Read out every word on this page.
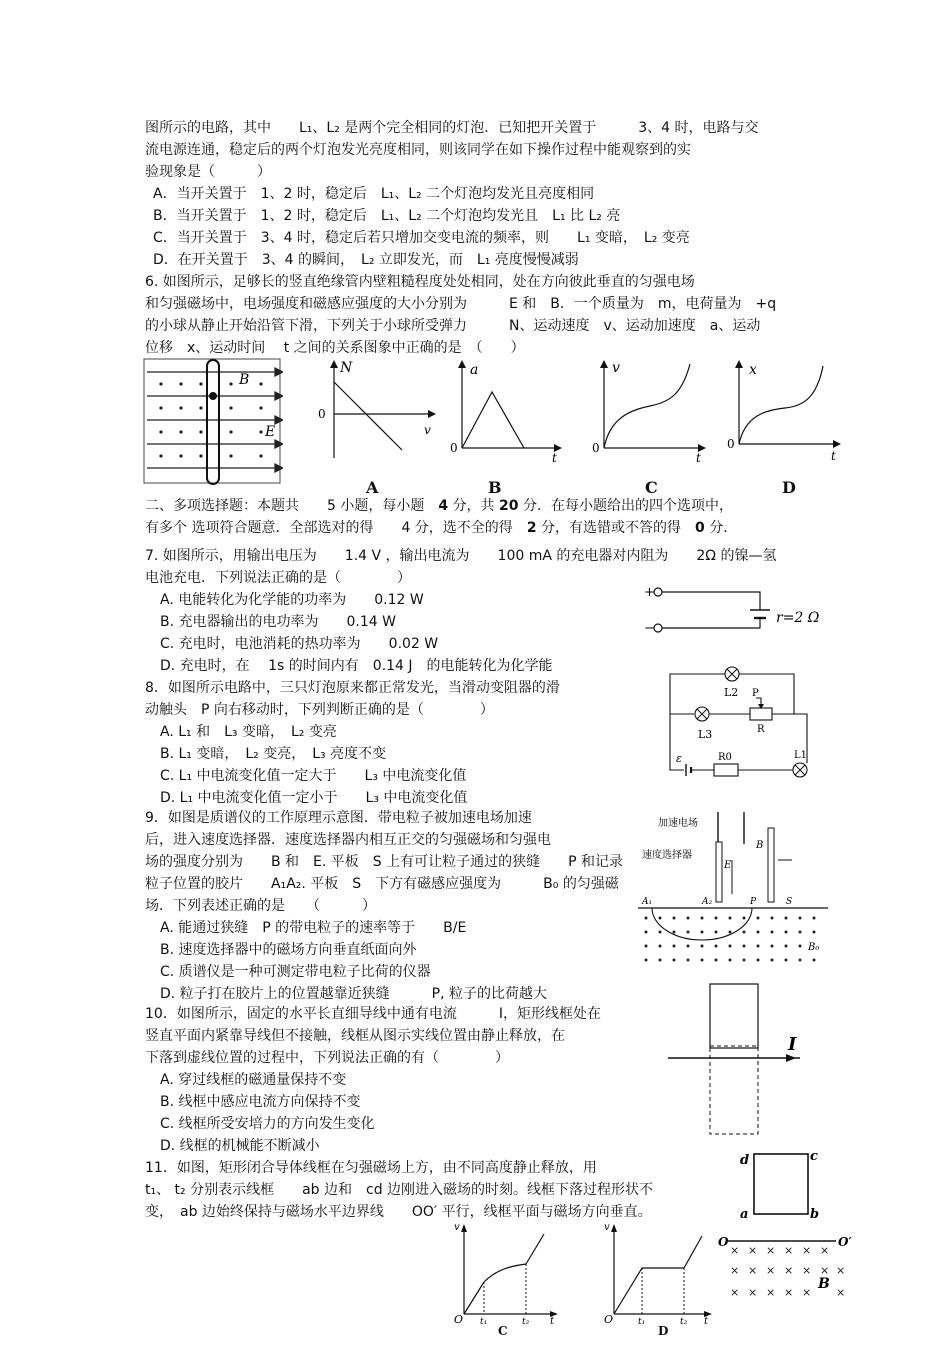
图所示的电路，其中　　L₁、L₂ 是两个完全相同的灯泡．已知把开关置于　　　3、4 时，电路与交
流电源连通，稳定后的两个灯泡发光亮度相同，则该同学在如下操作过程中能观察到的实
验现象是（　　　）
A．当开关置于　1、2 时，稳定后　L₁、L₂ 二个灯泡均发光且亮度相同
B．当开关置于　1、2 时，稳定后　L₁、L₂ 二个灯泡均发光且　L₁ 比 L₂ 亮
C．当开关置于　3、4 时，稳定后若只增加交变电流的频率，则　　L₁ 变暗，　L₂ 变亮
D．在开关置于　3、4 的瞬间，　L₂ 立即发光，而　L₁ 亮度慢慢减弱
6. 如图所示，足够长的竖直绝缘管内壁粗糙程度处处相同，处在方向彼此垂直的匀强电场
和匀强磁场中，电场强度和磁感应强度的大小分别为　　　E 和　B．一个质量为　m，电荷量为　+q
的小球从静止开始沿管下滑，下列关于小球所受弹力　　　N、运动速度　v、运动加速度　a、运动
位移　x、运动时间　 t 之间的关系图象中正确的是　（　　）
B
E
A
N
v
0
a
t
0
B
v
t
0
C
x
t
0
D
二、多项选择题：本题共　　5 小题，每小题　 4 分，共 20 分．在每小题给出的四个选项中，
有多个 选项符合题意．全部选对的得　　4 分，选不全的得　 2 分，有选错或不答的得　 0 分．
7. 如图所示，用输出电压为　　1.4 V ，输出电流为　　100 mA 的充电器对内阻为　　2Ω 的镍—氢
电池充电．下列说法正确的是（　　　　）
A. 电能转化为化学能的功率为　　0.12 W
B. 充电器输出的电功率为　　0.14 W
C. 充电时，电池消耗的热功率为　　0.02 W
D. 充电时，在　 1s 的时间内有　0.14 J　的电能转化为化学能
+
−
r=2 Ω
8．如图所示电路中，三只灯泡原来都正常发光，当滑动变阻器的滑
动触头　P 向右移动时，下列判断正确的是（　　　　）
A. L₁ 和　L₃ 变暗，　L₂ 变亮
B. L₁ 变暗，　L₂ 变亮，　L₃ 亮度不变
C. L₁ 中电流变化值一定大于　　L₃ 中电流变化值
D. L₁ 中电流变化值一定小于　　L₃ 中电流变化值
L2
L3
P
R
ε	R0	L1
9．如图是质谱仪的工作原理示意图．带电粒子被加速电场加速
后，进入速度选择器．速度选择器内相互正交的匀强磁场和匀强电
场的强度分别为　　B 和　E. 平板　S 上有可让粒子通过的狭缝　　P 和记录
粒子位置的胶片　　A₁A₂. 平板　S　下方有磁感应强度为　　　B₀ 的匀强磁
场．下列表述正确的是　　（　　　）
A. 能通过狭缝　P 的带电粒子的速率等于　　B/E
B. 速度选择器中的磁场方向垂直纸面向外
C. 质谱仪是一种可测定带电粒子比荷的仪器
D. 粒子打在胶片上的位置越靠近狭缝　　　P, 粒子的比荷越大
加速电场
速度选择器
E
B
A₁	A₂	P	S
B₀
10．如图所示，固定的水平长直细导线中通有电流　　　I，矩形线框处在
竖直平面内紧靠导线但不接触，线框从图示实线位置由静止释放，在
下落到虚线位置的过程中，下列说法正确的有（　　　　）
A. 穿过线框的磁通量保持不变
B. 线框中感应电流方向保持不变
C. 线框所受安培力的方向发生变化
D. 线框的机械能不断减小
I
11．如图，矩形闭合导体线框在匀强磁场上方，由不同高度静止释放，用
t₁、 t₂ 分别表示线框　　ab 边和　cd 边刚进入磁场的时刻。线框下落过程形状不
变，　ab 边始终保持与磁场水平边界线　　OO′ 平行，线框平面与磁场方向垂直。
v
O t₁	t₂ t
C
v
O	t₁	t₂ t
D
d	c
a	b
O	O′
× × × × × ×
× × × × × × ×
× × × × × ×
B
